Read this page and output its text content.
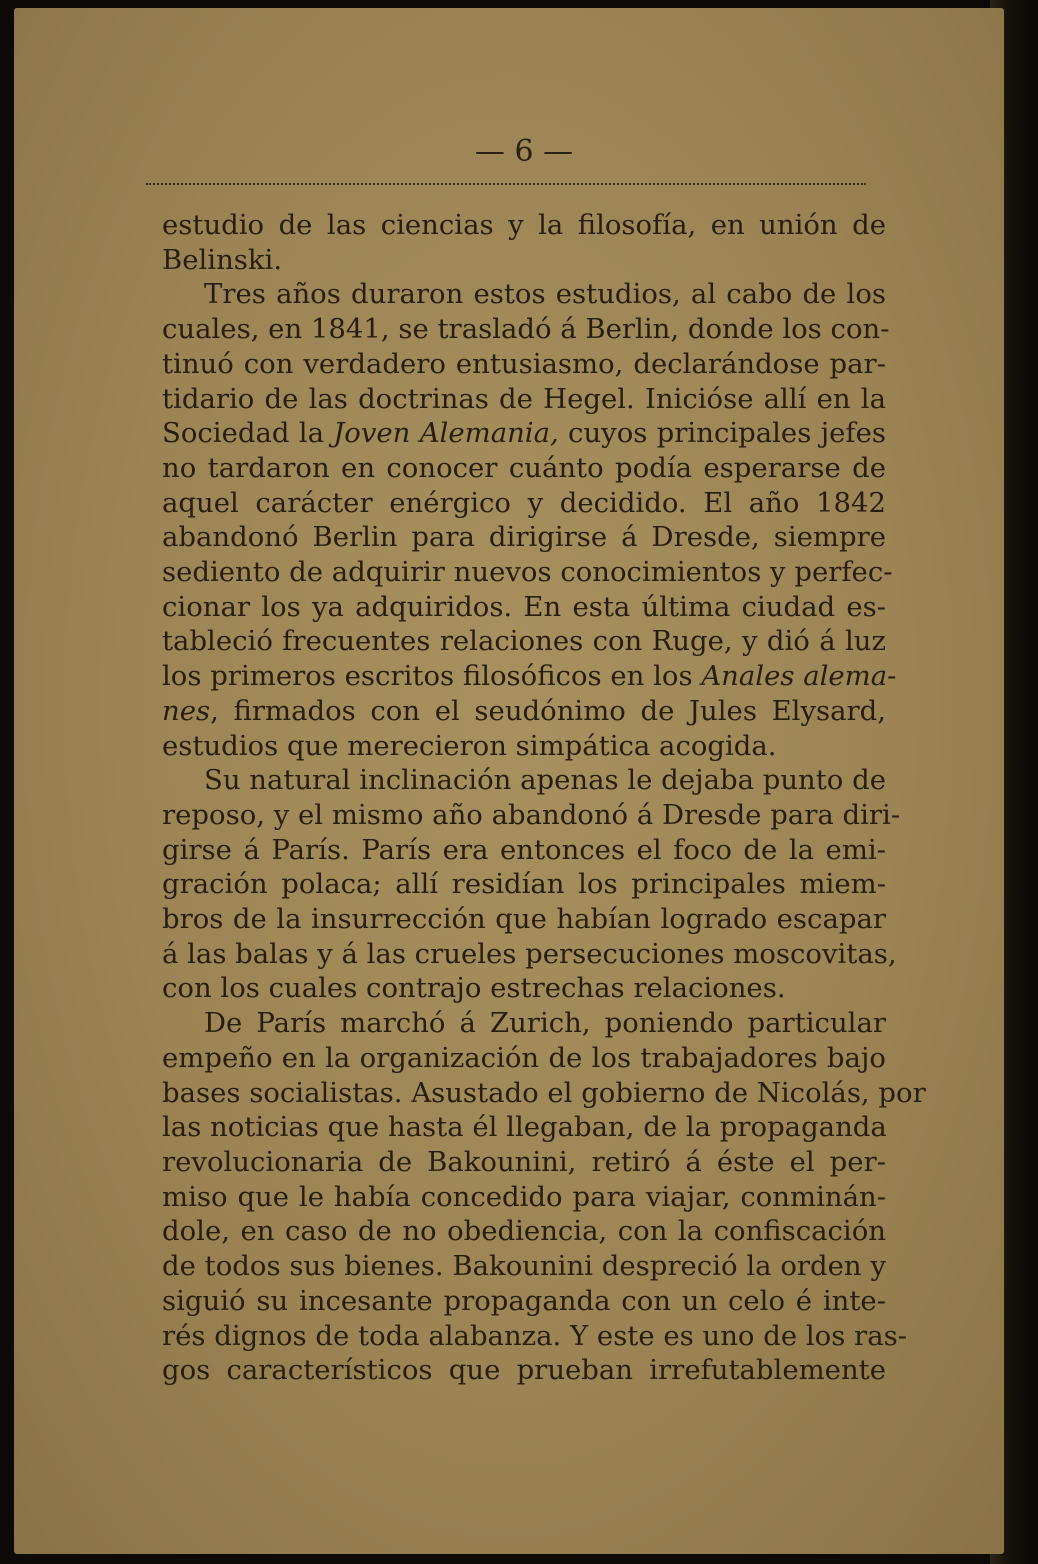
— 6 —
estudio de las ciencias y la filosofía, en unión de
Belinski.
Tres años duraron estos estudios, al cabo de los
cuales, en 1841, se trasladó á Berlin, donde los con-
tinuó con verdadero entusiasmo, declarándose par-
tidario de las doctrinas de Hegel. Inicióse allí en la
Sociedad la Joven Alemania, cuyos principales jefes
no tardaron en conocer cuánto podía esperarse de
aquel carácter enérgico y decidido. El año 1842
abandonó Berlin para dirigirse á Dresde, siempre
sediento de adquirir nuevos conocimientos y perfec-
cionar los ya adquiridos. En esta última ciudad es-
tableció frecuentes relaciones con Ruge, y dió á luz
los primeros escritos filosóficos en los Anales alema-
nes, firmados con el seudónimo de Jules Elysard,
estudios que merecieron simpática acogida.
Su natural inclinación apenas le dejaba punto de
reposo, y el mismo año abandonó á Dresde para diri-
girse á París. París era entonces el foco de la emi-
gración polaca; allí residían los principales miem-
bros de la insurrección que habían logrado escapar
á las balas y á las crueles persecuciones moscovitas,
con los cuales contrajo estrechas relaciones.
De París marchó á Zurich, poniendo particular
empeño en la organización de los trabajadores bajo
bases socialistas. Asustado el gobierno de Nicolás, por
las noticias que hasta él llegaban, de la propaganda
revolucionaria de Bakounini, retiró á éste el per-
miso que le había concedido para viajar, conminán-
dole, en caso de no obediencia, con la confiscación
de todos sus bienes. Bakounini despreció la orden y
siguió su incesante propaganda con un celo é inte-
rés dignos de toda alabanza. Y este es uno de los ras-
gos característicos que prueban irrefutablemente
